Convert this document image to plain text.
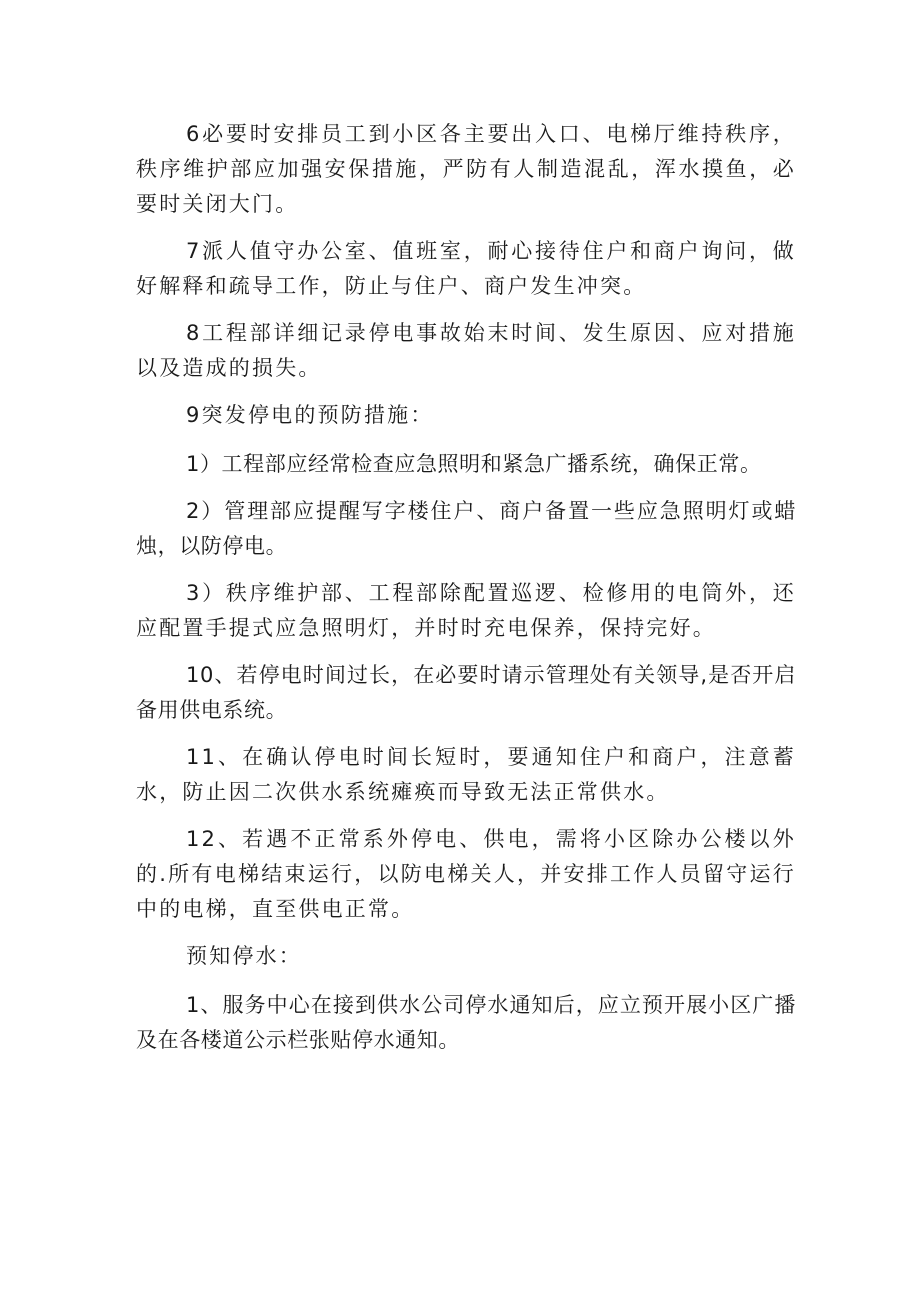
6必要时安排员工到小区各主要出入口、电梯厅维持秩序，秩序维护部应加强安保措施，严防有人制造混乱，浑水摸鱼，必要时关闭大门。

7派人值守办公室、值班室，耐心接待住户和商户询问，做好解释和疏导工作，防止与住户、商户发生冲突。

8工程部详细记录停电事故始末时间、发生原因、应对措施以及造成的损失。

9突发停电的预防措施：

1）工程部应经常检查应急照明和紧急广播系统，确保正常。

2）管理部应提醒写字楼住户、商户备置一些应急照明灯或蜡烛，以防停电。

3）秩序维护部、工程部除配置巡逻、检修用的电筒外，还应配置手提式应急照明灯，并时时充电保养，保持完好。

10、若停电时间过长，在必要时请示管理处有关领导,是否开启备用供电系统。

11、在确认停电时间长短时，要通知住户和商户，注意蓄水，防止因二次供水系统瘫痪而导致无法正常供水。

12、若遇不正常系外停电、供电，需将小区除办公楼以外的.所有电梯结束运行，以防电梯关人，并安排工作人员留守运行中的电梯，直至供电正常。

预知停水：

1、服务中心在接到供水公司停水通知后，应立预开展小区广播及在各楼道公示栏张贴停水通知。
